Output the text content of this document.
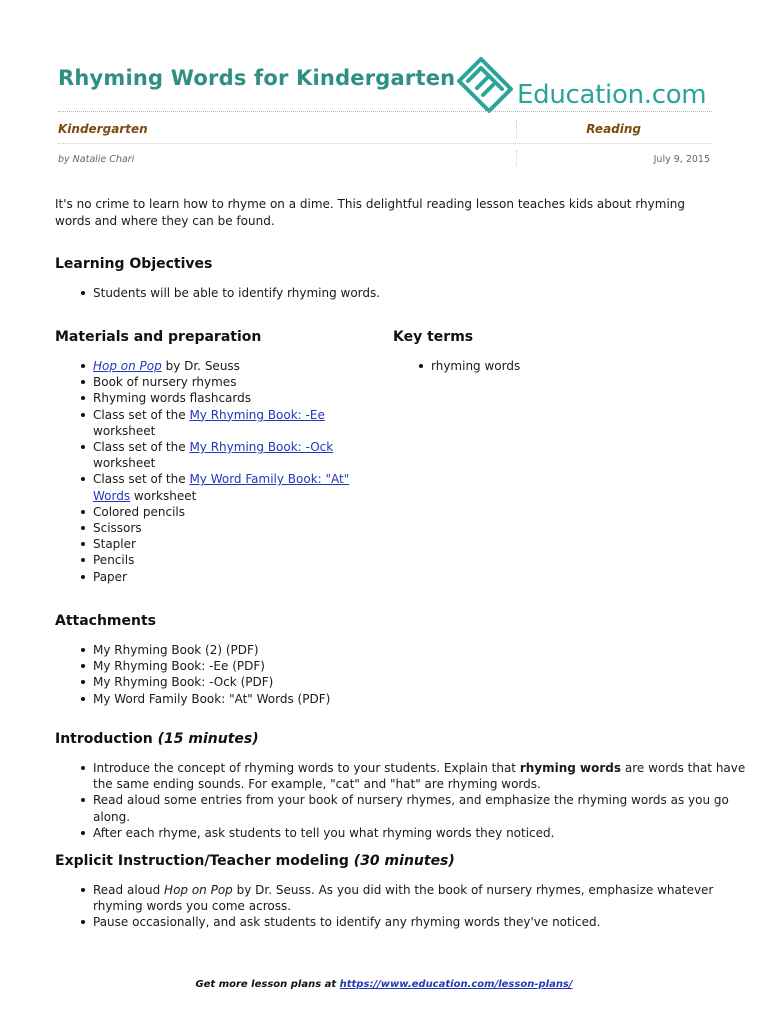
Rhyming Words for Kindergarten
Education.com
Kindergarten	Reading
by Natalie Chari	July 9, 2015

It's no crime to learn how to rhyme on a dime. This delightful reading lesson teaches kids about rhyming words and where they can be found.

Learning Objectives
Students will be able to identify rhyming words.
Materials and preparation
Hop on Pop by Dr. Seuss
Book of nursery rhymes
Rhyming words flashcards
Class set of the My Rhyming Book: -Ee
worksheet
Class set of the My Rhyming Book: -Ock
worksheet
Class set of the My Word Family Book: "At"
Words worksheet
Colored pencils
Scissors
Stapler
Pencils
Paper
Key terms
rhyming words
Attachments
My Rhyming Book (2) (PDF)
My Rhyming Book: -Ee (PDF)
My Rhyming Book: -Ock (PDF)
My Word Family Book: "At" Words (PDF)
Introduction (15 minutes)
Introduce the concept of rhyming words to your students. Explain that rhyming words are words that have the same ending sounds. For example, "cat" and "hat" are rhyming words.
Read aloud some entries from your book of nursery rhymes, and emphasize the rhyming words as you go along.
After each rhyme, ask students to tell you what rhyming words they noticed.
Explicit Instruction/Teacher modeling (30 minutes)
Read aloud Hop on Pop by Dr. Seuss. As you did with the book of nursery rhymes, emphasize whatever rhyming words you come across.
Pause occasionally, and ask students to identify any rhyming words they've noticed.
Get more lesson plans at https://www.education.com/lesson-plans/
